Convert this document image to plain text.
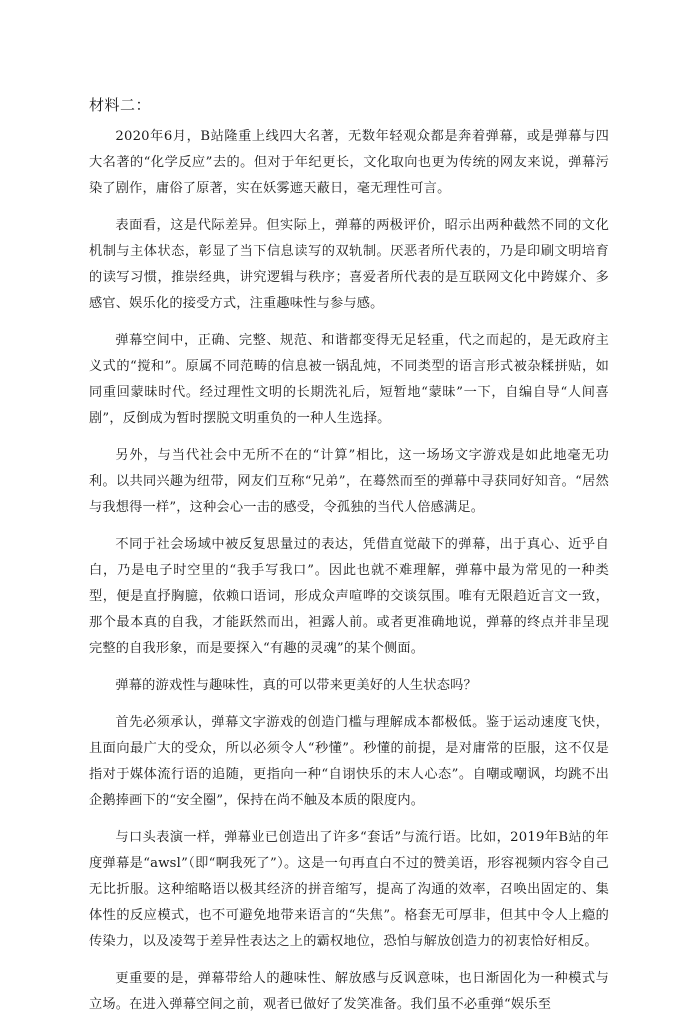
材料二：

2020年6月，B站隆重上线四大名著，无数年轻观众都是奔着弹幕，或是弹幕与四大名著的“化学反应”去的。但对于年纪更长，文化取向也更为传统的网友来说，弹幕污染了剧作，庸俗了原著，实在妖雾遮天蔽日，毫无理性可言。

表面看，这是代际差异。但实际上，弹幕的两极评价，昭示出两种截然不同的文化机制与主体状态，彰显了当下信息读写的双轨制。厌恶者所代表的，乃是印刷文明培育的读写习惯，推崇经典，讲究逻辑与秩序；喜爱者所代表的是互联网文化中跨媒介、多感官、娱乐化的接受方式，注重趣味性与参与感。

弹幕空间中，正确、完整、规范、和谐都变得无足轻重，代之而起的，是无政府主义式的“搅和”。原属不同范畴的信息被一锅乱炖，不同类型的语言形式被杂糅拼贴，如同重回蒙昧时代。经过理性文明的长期洗礼后，短暂地“蒙昧”一下，自编自导“人间喜剧”，反倒成为暂时摆脱文明重负的一种人生选择。

另外，与当代社会中无所不在的“计算”相比，这一场场文字游戏是如此地毫无功利。以共同兴趣为纽带，网友们互称“兄弟”，在蓦然而至的弹幕中寻获同好知音。“居然与我想得一样”，这种会心一击的感受，令孤独的当代人倍感满足。

不同于社会场域中被反复思量过的表达，凭借直觉敲下的弹幕，出于真心、近乎自白，乃是电子时空里的“我手写我口”。因此也就不难理解，弹幕中最为常见的一种类型，便是直抒胸臆，依赖口语词，形成众声喧哗的交谈氛围。唯有无限趋近言文一致，那个最本真的自我，才能跃然而出，袒露人前。或者更准确地说，弹幕的终点并非呈现完整的自我形象，而是要探入“有趣的灵魂”的某个侧面。

弹幕的游戏性与趣味性，真的可以带来更美好的人生状态吗？

首先必须承认，弹幕文字游戏的创造门槛与理解成本都极低。鉴于运动速度飞快，且面向最广大的受众，所以必须令人“秒懂”。秒懂的前提，是对庸常的臣服，这不仅是指对于媒体流行语的追随，更指向一种“自诩快乐的末人心态”。自嘲或嘲讽，均跳不出企鹅捧画下的“安全圈”，保持在尚不触及本质的限度内。

与口头表演一样，弹幕业已创造出了许多“套话”与流行语。比如，2019年B站的年度弹幕是“awsl”（即“啊我死了”）。这是一句再直白不过的赞美语，形容视频内容令自己无比折服。这种缩略语以极其经济的拼音缩写，提高了沟通的效率，召唤出固定的、集体性的反应模式，也不可避免地带来语言的“失焦”。格套无可厚非，但其中令人上瘾的传染力，以及凌驾于差异性表达之上的霸权地位，恐怕与解放创造力的初衷恰好相反。

更重要的是，弹幕带给人的趣味性、解放感与反讽意味，也日渐固化为一种模式与立场。在进入弹幕空间之前，观者已做好了发笑准备。我们虽不必重弹“娱乐至
